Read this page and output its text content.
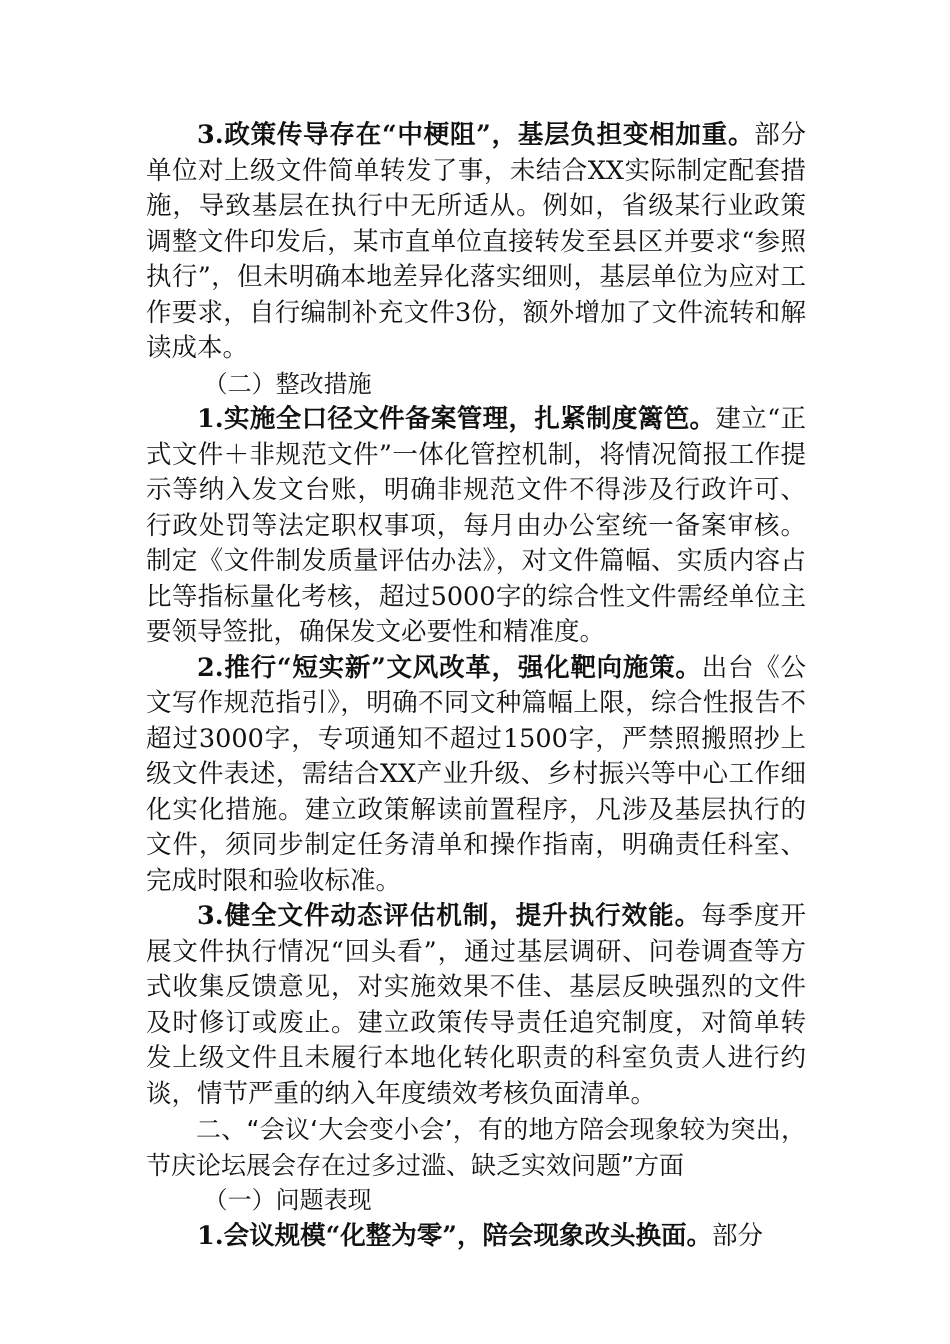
3.政策传导存在“中梗阻”，基层负担变相加重。部分单位对上级文件简单转发了事，未结合XX实际制定配套措施，导致基层在执行中无所适从。例如，省级某行业政策调整文件印发后，某市直单位直接转发至县区并要求“参照执行”，但未明确本地差异化落实细则，基层单位为应对工作要求，自行编制补充文件3份，额外增加了文件流转和解读成本。

（二）整改措施

1.实施全口径文件备案管理，扎紧制度篱笆。建立“正式文件＋非规范文件”一体化管控机制，将情况简报工作提示等纳入发文台账，明确非规范文件不得涉及行政许可、行政处罚等法定职权事项，每月由办公室统一备案审核。制定《文件制发质量评估办法》，对文件篇幅、实质内容占比等指标量化考核，超过5000字的综合性文件需经单位主要领导签批，确保发文必要性和精准度。

2.推行“短实新”文风改革，强化靶向施策。出台《公文写作规范指引》，明确不同文种篇幅上限，综合性报告不超过3000字，专项通知不超过1500字，严禁照搬照抄上级文件表述，需结合XX产业升级、乡村振兴等中心工作细化实化措施。建立政策解读前置程序，凡涉及基层执行的文件，须同步制定任务清单和操作指南，明确责任科室、完成时限和验收标准。

3.健全文件动态评估机制，提升执行效能。每季度开展文件执行情况“回头看”，通过基层调研、问卷调查等方式收集反馈意见，对实施效果不佳、基层反映强烈的文件及时修订或废止。建立政策传导责任追究制度，对简单转发上级文件且未履行本地化转化职责的科室负责人进行约谈，情节严重的纳入年度绩效考核负面清单。

二、“会议‘大会变小会’，有的地方陪会现象较为突出，节庆论坛展会存在过多过滥、缺乏实效问题”方面

（一）问题表现

1.会议规模“化整为零”，陪会现象改头换面。部分
